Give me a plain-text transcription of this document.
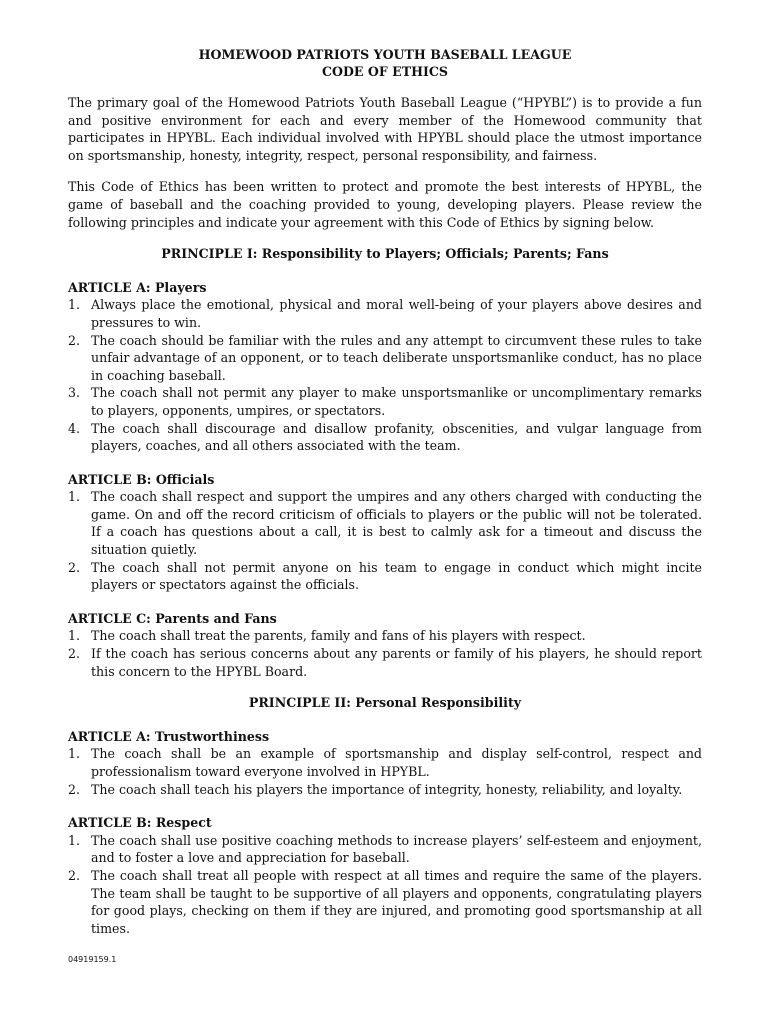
HOMEWOOD PATRIOTS YOUTH BASEBALL LEAGUE
CODE OF ETHICS

The primary goal of the Homewood Patriots Youth Baseball League (“HPYBL”) is to provide a fun and positive environment for each and every member of the Homewood community that participates in HPYBL. Each individual involved with HPYBL should place the utmost importance on sportsmanship, honesty, integrity, respect, personal responsibility, and fairness.

This Code of Ethics has been written to protect and promote the best interests of HPYBL, the game of baseball and the coaching provided to young, developing players. Please review the following principles and indicate your agreement with this Code of Ethics by signing below.

PRINCIPLE I: Responsibility to Players; Officials; Parents; Fans
ARTICLE A: Players
1. Always place the emotional, physical and moral well-being of your players above desires and pressures to win.
2. The coach should be familiar with the rules and any attempt to circumvent these rules to take unfair advantage of an opponent, or to teach deliberate unsportsmanlike conduct, has no place in coaching baseball.
3. The coach shall not permit any player to make unsportsmanlike or uncomplimentary remarks to players, opponents, umpires, or spectators.
4. The coach shall discourage and disallow profanity, obscenities, and vulgar language from players, coaches, and all others associated with the team.
ARTICLE B: Officials
1. The coach shall respect and support the umpires and any others charged with conducting the game. On and off the record criticism of officials to players or the public will not be tolerated. If a coach has questions about a call, it is best to calmly ask for a timeout and discuss the situation quietly.
2. The coach shall not permit anyone on his team to engage in conduct which might incite players or spectators against the officials.
ARTICLE C: Parents and Fans
1. The coach shall treat the parents, family and fans of his players with respect.
2. If the coach has serious concerns about any parents or family of his players, he should report this concern to the HPYBL Board.
PRINCIPLE II: Personal Responsibility
ARTICLE A: Trustworthiness
1. The coach shall be an example of sportsmanship and display self-control, respect and professionalism toward everyone involved in HPYBL.
2. The coach shall teach his players the importance of integrity, honesty, reliability, and loyalty.
ARTICLE B: Respect
1. The coach shall use positive coaching methods to increase players’ self-esteem and enjoyment, and to foster a love and appreciation for baseball.
2. The coach shall treat all people with respect at all times and require the same of the players. The team shall be taught to be supportive of all players and opponents, congratulating players for good plays, checking on them if they are injured, and promoting good sportsmanship at all times.
04919159.1
